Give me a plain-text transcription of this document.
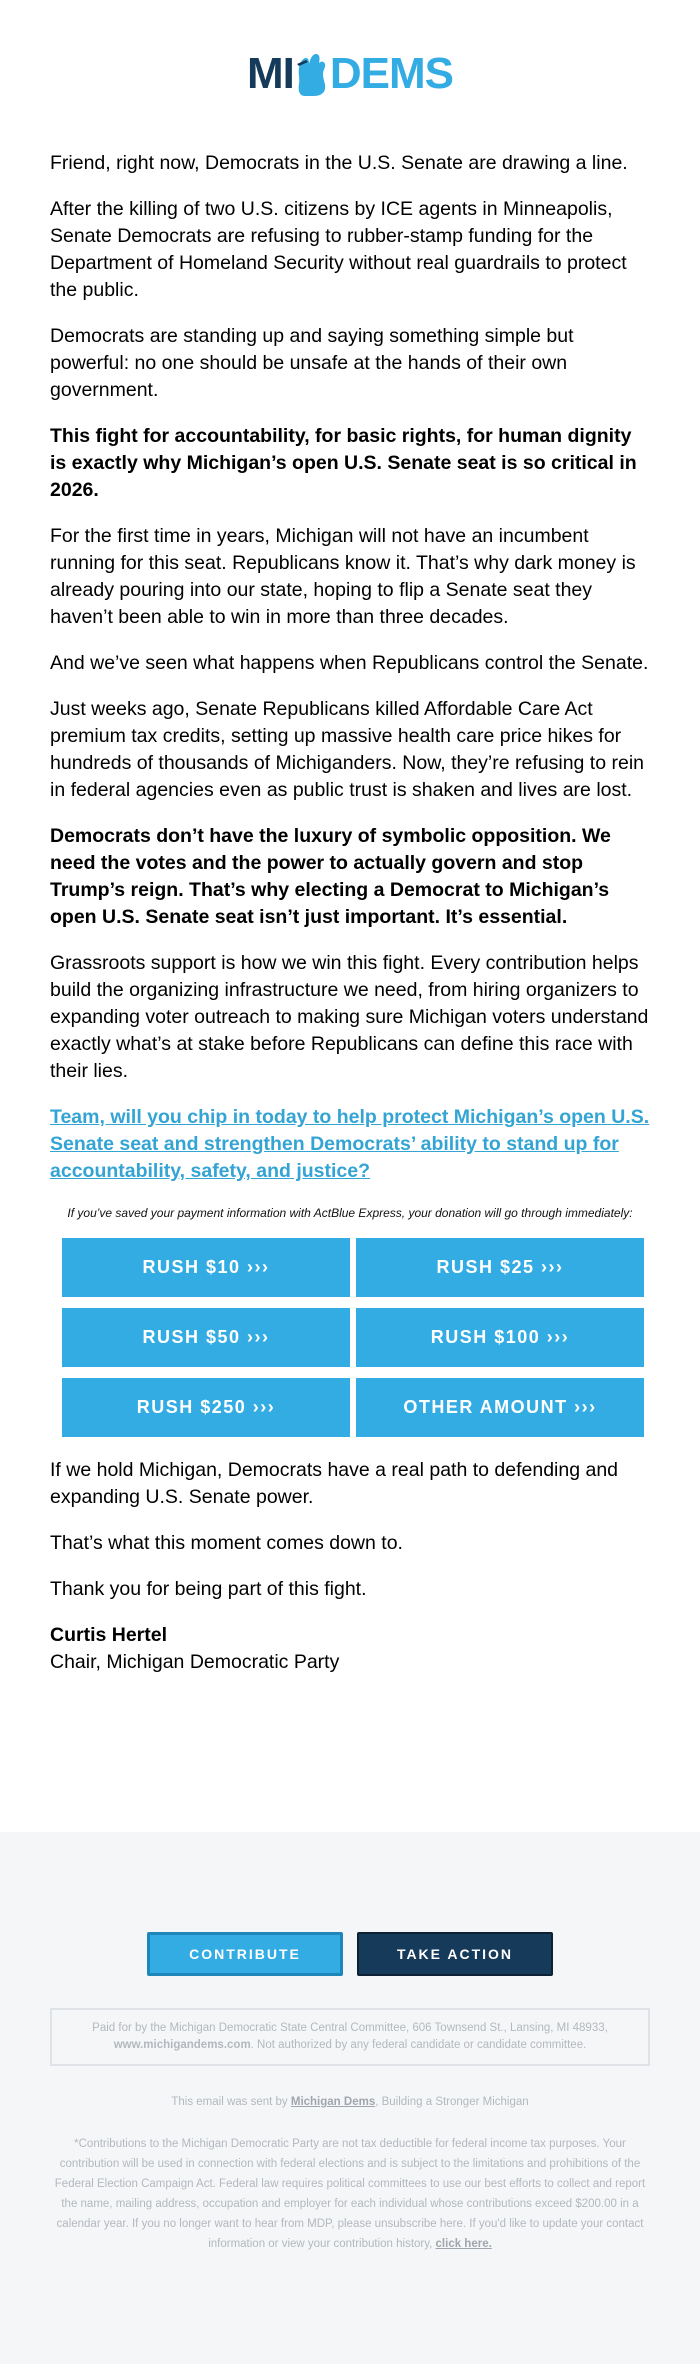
MI DEMS

Friend, right now, Democrats in the U.S. Senate are drawing a line.

After the killing of two U.S. citizens by ICE agents in Minneapolis, Senate Democrats are refusing to rubber-stamp funding for the Department of Homeland Security without real guardrails to protect the public.

Democrats are standing up and saying something simple but powerful: no one should be unsafe at the hands of their own government.

This fight for accountability, for basic rights, for human dignity is exactly why Michigan’s open U.S. Senate seat is so critical in 2026.

For the first time in years, Michigan will not have an incumbent running for this seat. Republicans know it. That’s why dark money is already pouring into our state, hoping to flip a Senate seat they haven’t been able to win in more than three decades.

And we’ve seen what happens when Republicans control the Senate.

Just weeks ago, Senate Republicans killed Affordable Care Act premium tax credits, setting up massive health care price hikes for hundreds of thousands of Michiganders. Now, they’re refusing to rein in federal agencies even as public trust is shaken and lives are lost.

Democrats don’t have the luxury of symbolic opposition. We need the votes and the power to actually govern and stop Trump’s reign. That’s why electing a Democrat to Michigan’s open U.S. Senate seat isn’t just important. It’s essential.

Grassroots support is how we win this fight. Every contribution helps build the organizing infrastructure we need, from hiring organizers to expanding voter outreach to making sure Michigan voters understand exactly what’s at stake before Republicans can define this race with their lies.

Team, will you chip in today to help protect Michigan’s open U.S. Senate seat and strengthen Democrats’ ability to stand up for accountability, safety, and justice?

If you’ve saved your payment information with ActBlue Express, your donation will go through immediately:

RUSH $10 ›››	RUSH $25 ›››
RUSH $50 ›››	RUSH $100 ›››
RUSH $250 ›››	OTHER AMOUNT ›››

If we hold Michigan, Democrats have a real path to defending and expanding U.S. Senate power.

That’s what this moment comes down to.

Thank you for being part of this fight.

Curtis Hertel

Chair, Michigan Democratic Party

CONTRIBUTE	TAKE ACTION
Paid for by the Michigan Democratic State Central Committee, 606 Townsend St., Lansing, MI 48933,
www.michigandems.com. Not authorized by any federal candidate or candidate committee.
This email was sent by Michigan Dems, Building a Stronger Michigan
*Contributions to the Michigan Democratic Party are not tax deductible for federal income tax purposes. Your contribution will be used in connection with federal elections and is subject to the limitations and prohibitions of the Federal Election Campaign Act. Federal law requires political committees to use our best efforts to collect and report the name, mailing address, occupation and employer for each individual whose contributions exceed $200.00 in a calendar year. If you no longer want to hear from MDP, please unsubscribe here. If you'd like to update your contact information or view your contribution history, click here.
